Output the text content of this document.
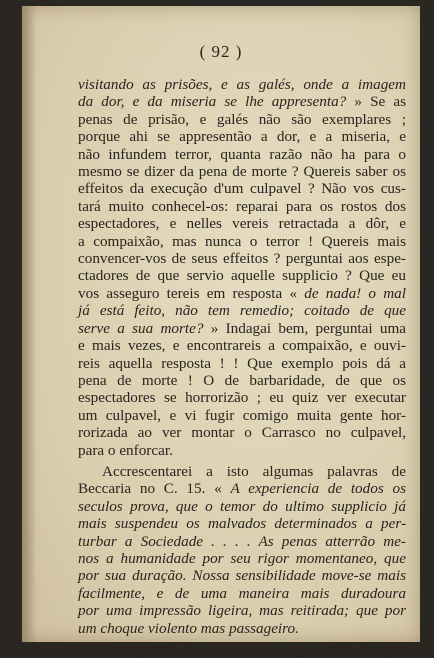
( 92 )
visitando as prisões, e as galés, onde a imagem
da dor, e da miseria se lhe appresenta? » Se as
penas de prisão, e galés não são exemplares ;
porque ahi se appresentão a dor, e a miseria, e
não infundem terror, quanta razão não ha para o
mesmo se dizer da pena de morte ? Quereis saber os
effeitos da execução d'um culpavel ? Não vos cus-
tará muito conhecel-os: reparai para os rostos dos
espectadores, e nelles vereis retractada a dôr, e
a compaixão, mas nunca o terror ! Quereis mais
convencer-vos de seus effeitos ? perguntai aos espe-
ctadores de que servio aquelle supplicio ? Que eu
vos asseguro tereis em resposta « de nada! o mal
já está feito, não tem remedio; coitado de que
serve a sua morte? » Indagai bem, perguntai uma
e mais vezes, e encontrareis a compaixão, e ouvi-
reis aquella resposta ! ! Que exemplo pois dá a
pena de morte ! O de barbaridade, de que os
espectadores se horrorizão ; eu quiz ver executar
um culpavel, e vi fugir comigo muita gente hor-
rorizada ao ver montar o Carrasco no culpavel,
para o enforcar.
Accrescentarei a isto algumas palavras de
Beccaria no C. 15. « A experiencia de todos os
seculos prova, que o temor do ultimo supplicio já
mais suspendeu os malvados determinados a per-
turbar a Sociedade . . . . As penas atterrão me-
nos a humanidade por seu rigor momentaneo, que
por sua duração. Nossa sensibilidade move-se mais
facilmente, e de uma maneira mais duradoura
por uma impressão ligeira, mas reitirada; que por
um choque violento mas passageiro.
Em quanto finalmente ao argumento de que
